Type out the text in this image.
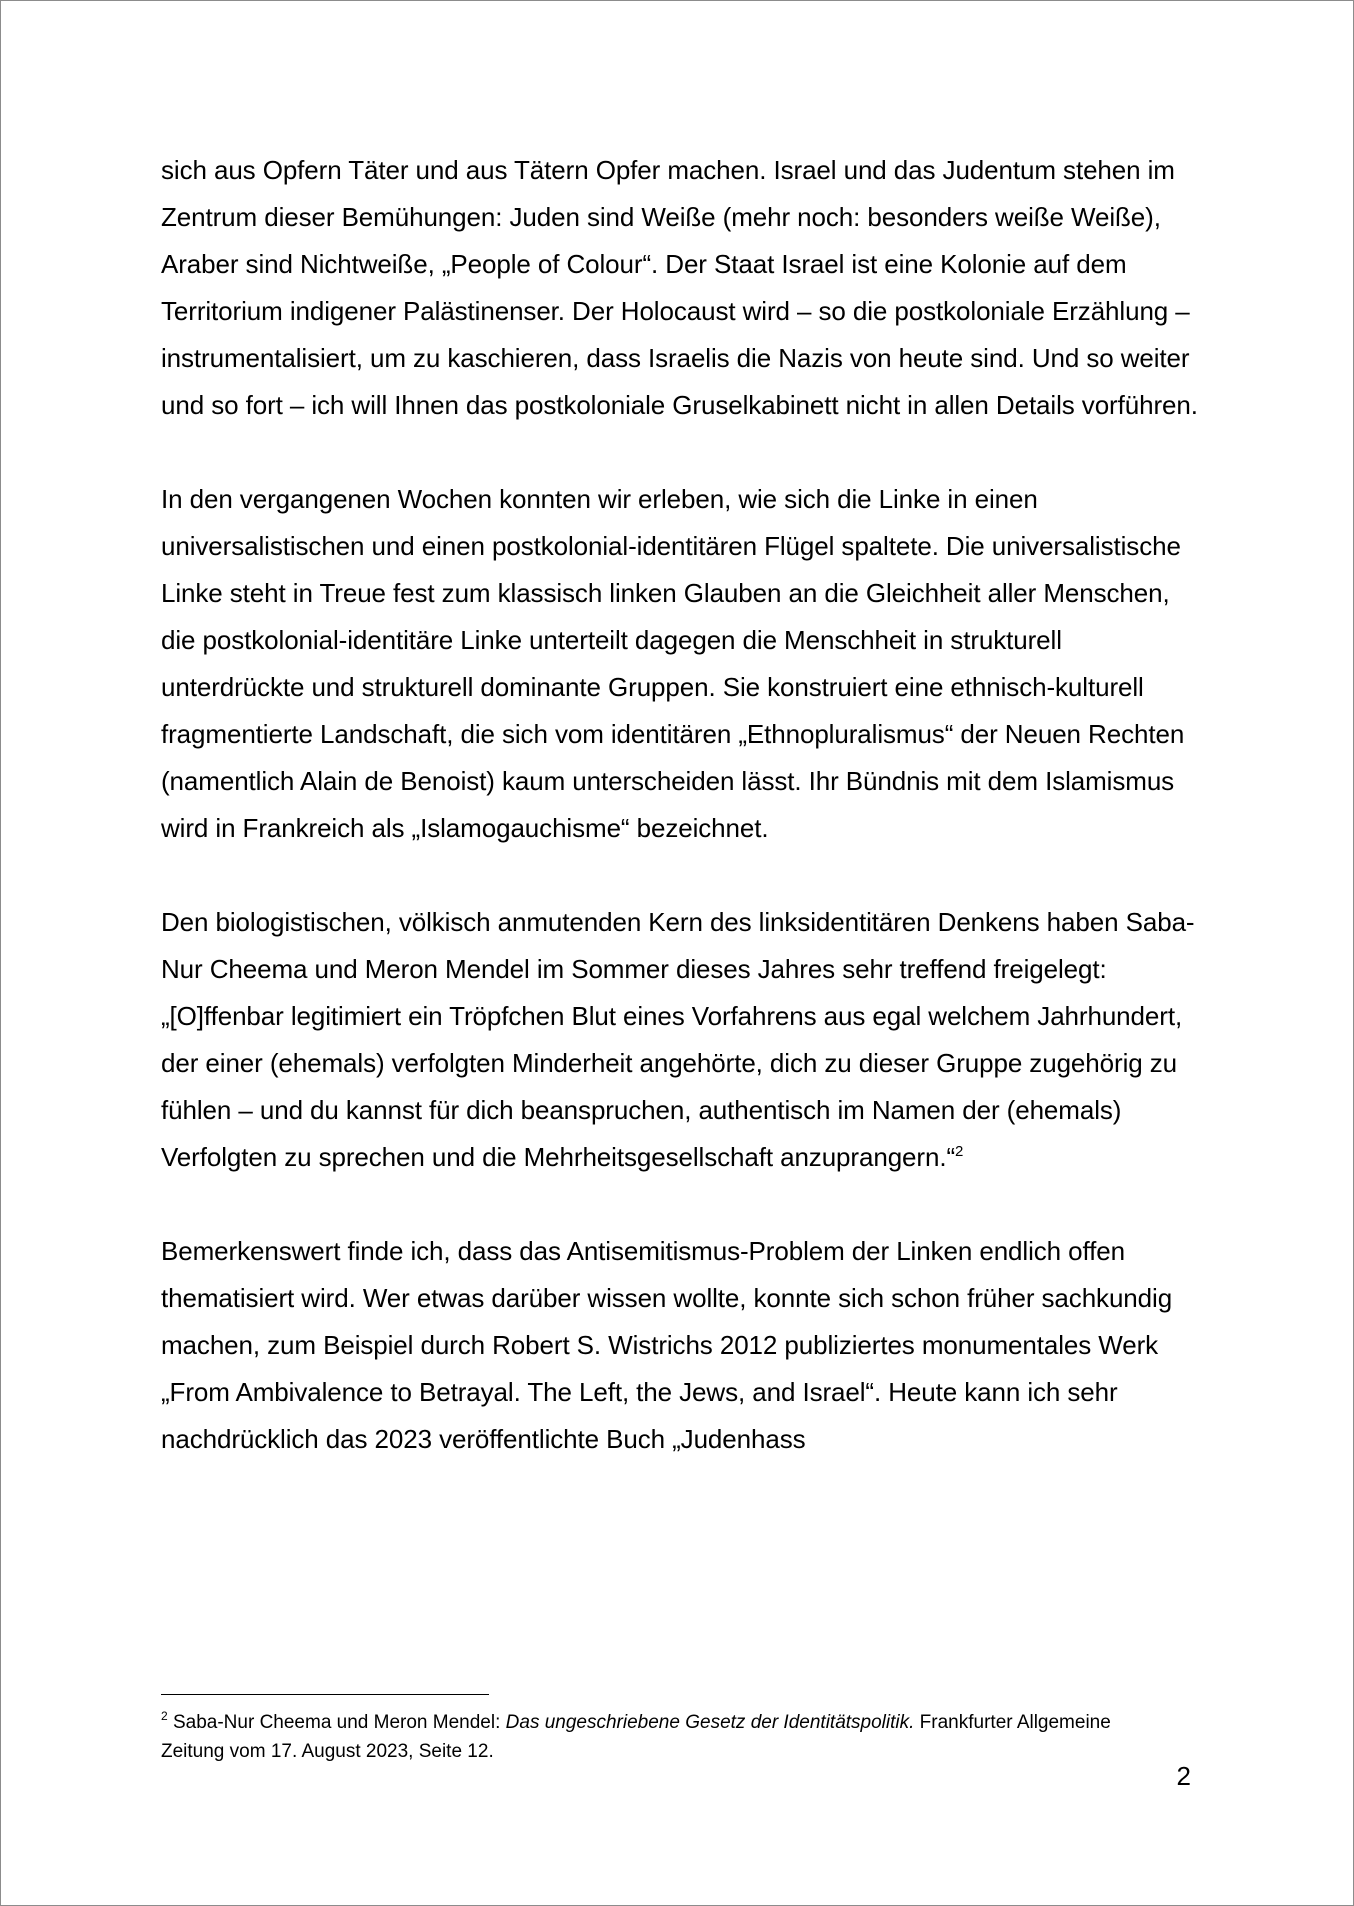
sich aus Opfern Täter und aus Tätern Opfer machen. Israel und das Judentum stehen im Zentrum dieser Bemühungen: Juden sind Weiße (mehr noch: besonders weiße Weiße), Araber sind Nichtweiße, „People of Colour“. Der Staat Israel ist eine Kolonie auf dem Territorium indigener Palästinenser. Der Holocaust wird – so die postkoloniale Erzählung – instrumentalisiert, um zu kaschieren, dass Israelis die Nazis von heute sind. Und so weiter und so fort – ich will Ihnen das postkoloniale Gruselkabinett nicht in allen Details vorführen.

In den vergangenen Wochen konnten wir erleben, wie sich die Linke in einen universalistischen und einen postkolonial-identitären Flügel spaltete. Die universalistische Linke steht in Treue fest zum klassisch linken Glauben an die Gleichheit aller Menschen, die postkolonial-identitäre Linke unterteilt dagegen die Menschheit in strukturell unterdrückte und strukturell dominante Gruppen. Sie konstruiert eine ethnisch-kulturell fragmentierte Landschaft, die sich vom identitären „Ethnopluralismus“ der Neuen Rechten (namentlich Alain de Benoist) kaum unterscheiden lässt. Ihr Bündnis mit dem Islamismus wird in Frankreich als „Islamogauchisme“ bezeichnet.

Den biologistischen, völkisch anmutenden Kern des linksidentitären Denkens haben Saba-Nur Cheema und Meron Mendel im Sommer dieses Jahres sehr treffend freigelegt: „[O]ffenbar legitimiert ein Tröpfchen Blut eines Vorfahrens aus egal welchem Jahrhundert, der einer (ehemals) verfolgten Minderheit angehörte, dich zu dieser Gruppe zugehörig zu fühlen – und du kannst für dich beanspruchen, authentisch im Namen der (ehemals) Verfolgten zu sprechen und die Mehrheitsgesellschaft anzuprangern.“$^2$

Bemerkenswert finde ich, dass das Antisemitismus-Problem der Linken endlich offen thematisiert wird. Wer etwas darüber wissen wollte, konnte sich schon früher sachkundig machen, zum Beispiel durch Robert S. Wistrichs 2012 publiziertes monumentales Werk „From Ambivalence to Betrayal. The Left, the Jews, and Israel“. Heute kann ich sehr nachdrücklich das 2023 veröffentlichte Buch „Judenhass

$^2$ Saba-Nur Cheema und Meron Mendel: Das ungeschriebene Gesetz der Identitätspolitik. Frankfurter Allgemeine Zeitung vom 17. August 2023, Seite 12.
2
